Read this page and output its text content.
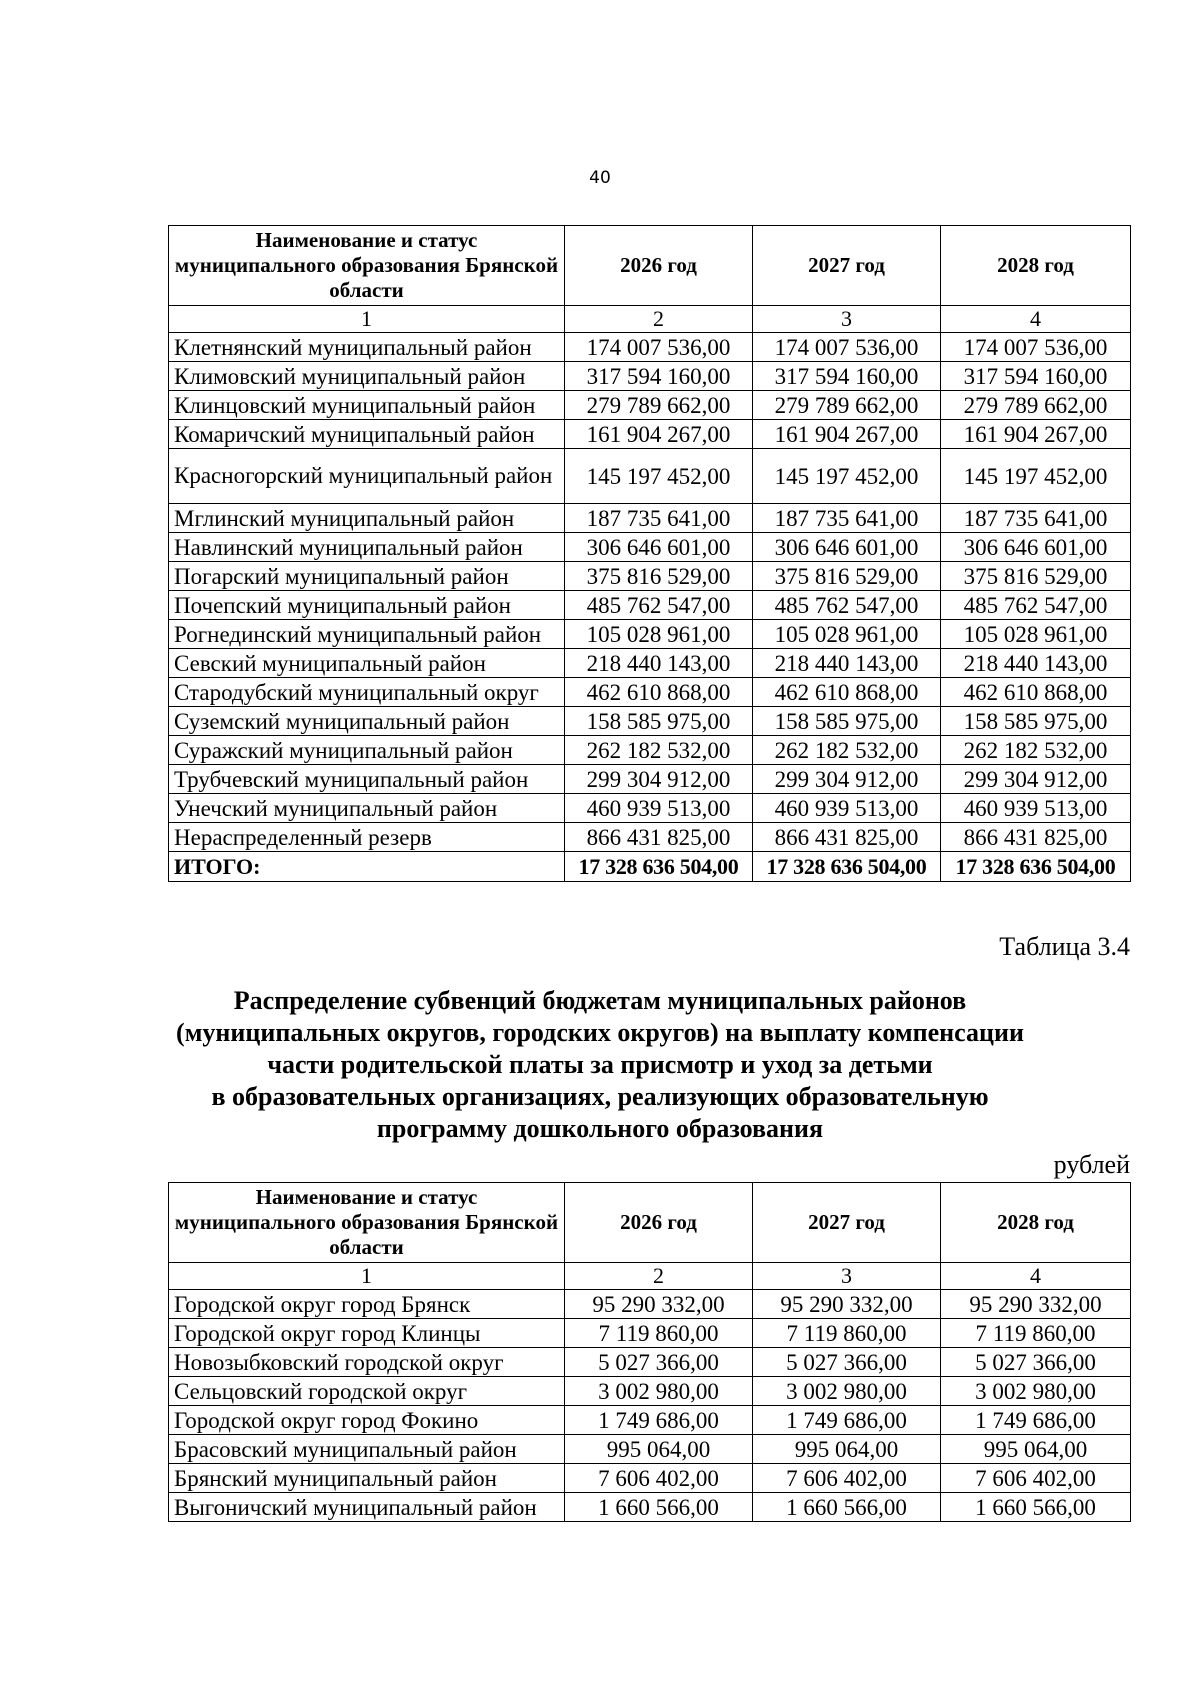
40
Наименование и статус муниципального образования Брянской области	2026 год	2027 год	2028 год
1	2	3	4
Клетнянский муниципальный район	174 007 536,00	174 007 536,00	174 007 536,00
Климовский муниципальный район	317 594 160,00	317 594 160,00	317 594 160,00
Клинцовский муниципальный район	279 789 662,00	279 789 662,00	279 789 662,00
Комаричский муниципальный район	161 904 267,00	161 904 267,00	161 904 267,00
Красногорский муниципальный район	145 197 452,00	145 197 452,00	145 197 452,00
Мглинский муниципальный район	187 735 641,00	187 735 641,00	187 735 641,00
Навлинский муниципальный район	306 646 601,00	306 646 601,00	306 646 601,00
Погарский муниципальный район	375 816 529,00	375 816 529,00	375 816 529,00
Почепский муниципальный район	485 762 547,00	485 762 547,00	485 762 547,00
Рогнединский муниципальный район	105 028 961,00	105 028 961,00	105 028 961,00
Севский муниципальный район	218 440 143,00	218 440 143,00	218 440 143,00
Стародубский муниципальный округ	462 610 868,00	462 610 868,00	462 610 868,00
Суземский муниципальный район	158 585 975,00	158 585 975,00	158 585 975,00
Суражский муниципальный район	262 182 532,00	262 182 532,00	262 182 532,00
Трубчевский муниципальный район	299 304 912,00	299 304 912,00	299 304 912,00
Унечский муниципальный район	460 939 513,00	460 939 513,00	460 939 513,00
Нераспределенный резерв	866 431 825,00	866 431 825,00	866 431 825,00
ИТОГО:	17 328 636 504,00	17 328 636 504,00	17 328 636 504,00
Таблица 3.4
Распределение субвенций бюджетам муниципальных районов
(муниципальных округов, городских округов) на выплату компенсации
части родительской платы за присмотр и уход за детьми
в образовательных организациях, реализующих образовательную
программу дошкольного образования
рублей
Наименование и статус муниципального образования Брянской области	2026 год	2027 год	2028 год
1	2	3	4
Городской округ город Брянск	95 290 332,00	95 290 332,00	95 290 332,00
Городской округ город Клинцы	7 119 860,00	7 119 860,00	7 119 860,00
Новозыбковский городской округ	5 027 366,00	5 027 366,00	5 027 366,00
Сельцовский городской округ	3 002 980,00	3 002 980,00	3 002 980,00
Городской округ город Фокино	1 749 686,00	1 749 686,00	1 749 686,00
Брасовский муниципальный район	995 064,00	995 064,00	995 064,00
Брянский муниципальный район	7 606 402,00	7 606 402,00	7 606 402,00
Выгоничский муниципальный район	1 660 566,00	1 660 566,00	1 660 566,00
